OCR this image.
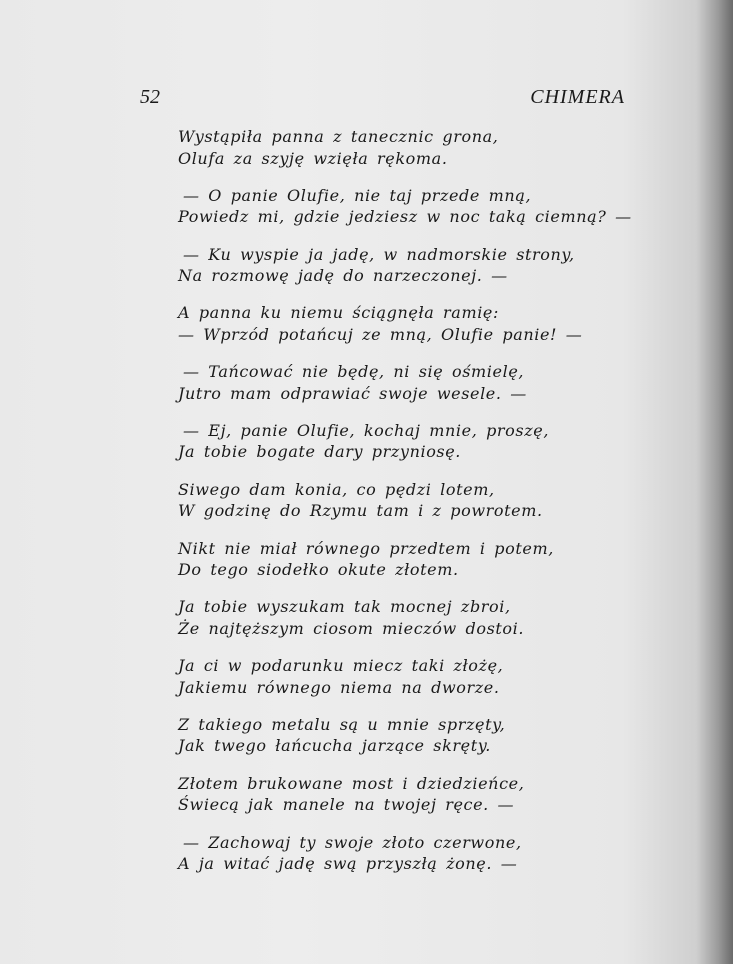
52	CHIMERA
Wystąpiła panna z tanecznic grona,
Olufa za szyję wzięła rękoma.
— O panie Olufie, nie taj przede mną,
Powiedz mi, gdzie jedziesz w noc taką ciemną? —
— Ku wyspie ja jadę, w nadmorskie strony,
Na rozmowę jadę do narzeczonej. —
A panna ku niemu ściągnęła ramię:
— Wprzód potańcuj ze mną, Olufie panie! —
— Tańcować nie będę, ni się ośmielę,
Jutro mam odprawiać swoje wesele. —
— Ej, panie Olufie, kochaj mnie, proszę,
Ja tobie bogate dary przyniosę.
Siwego dam konia, co pędzi lotem,
W godzinę do Rzymu tam i z powrotem.
Nikt nie miał równego przedtem i potem,
Do tego siodełko okute złotem.
Ja tobie wyszukam tak mocnej zbroi,
Że najtęższym ciosom mieczów dostoi.
Ja ci w podarunku miecz taki złożę,
Jakiemu równego niema na dworze.
Z takiego metalu są u mnie sprzęty,
Jak twego łańcucha jarzące skręty.
Złotem brukowane most i dziedzieńce,
Świecą jak manele na twojej ręce. —
— Zachowaj ty swoje złoto czerwone,
A ja witać jadę swą przyszłą żonę. —
